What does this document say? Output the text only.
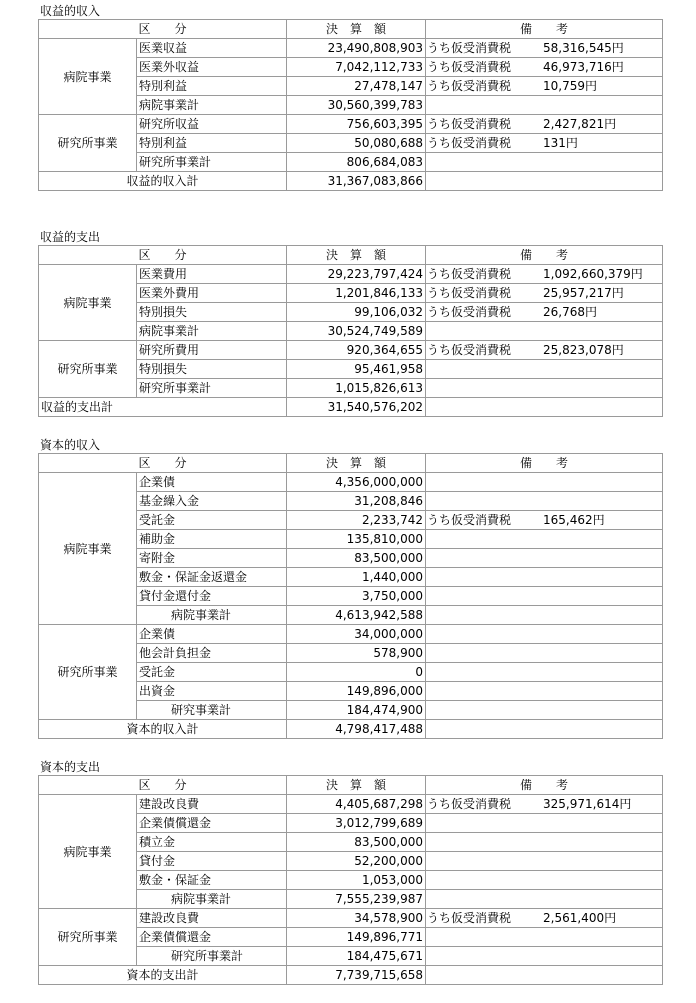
収益的収入
区　　分		決　算　額	備　　考
病院事業	医業収益	23,490,808,903	うち仮受消費税 58,316,545円
	医業外収益	7,042,112,733	うち仮受消費税 46,973,716円
	特別利益	27,478,147	うち仮受消費税 10,759円
	病院事業計	30,560,399,783	
研究所事業	研究所収益	756,603,395	うち仮受消費税 2,427,821円
	特別利益	50,080,688	うち仮受消費税 131円
	研究所事業計	806,684,083	
収益的収入計		31,367,083,866	
収益的支出
区　　分		決　算　額	備　　考
病院事業	医業費用	29,223,797,424	うち仮受消費税 1,092,660,379円
	医業外費用	1,201,846,133	うち仮受消費税 25,957,217円
	特別損失	99,106,032	うち仮受消費税 26,768円
	病院事業計	30,524,749,589	
研究所事業	研究所費用	920,364,655	うち仮受消費税 25,823,078円
	特別損失	95,461,958	
	研究所事業計	1,015,826,613	
収益的支出計		31,540,576,202	
資本的収入
区　　分		決　算　額	備　　考
病院事業	企業債	4,356,000,000	
	基金繰入金	31,208,846	
	受託金	2,233,742	うち仮受消費税 165,462円
	補助金	135,810,000	
	寄附金	83,500,000	
	敷金・保証金返還金	1,440,000	
	貸付金還付金	3,750,000	
	病院事業計	4,613,942,588	
研究所事業	企業債	34,000,000	
	他会計負担金	578,900	
	受託金	0	
	出資金	149,896,000	
	研究事業計	184,474,900	
資本的収入計		4,798,417,488	
資本的支出
区　　分		決　算　額	備　　考
病院事業	建設改良費	4,405,687,298	うち仮受消費税 325,971,614円
	企業債償還金	3,012,799,689	
	積立金	83,500,000	
	貸付金	52,200,000	
	敷金・保証金	1,053,000	
	病院事業計	7,555,239,987	
研究所事業	建設改良費	34,578,900	うち仮受消費税 2,561,400円
	企業債償還金	149,896,771	
	研究所事業計	184,475,671	
資本的支出計		7,739,715,658	
